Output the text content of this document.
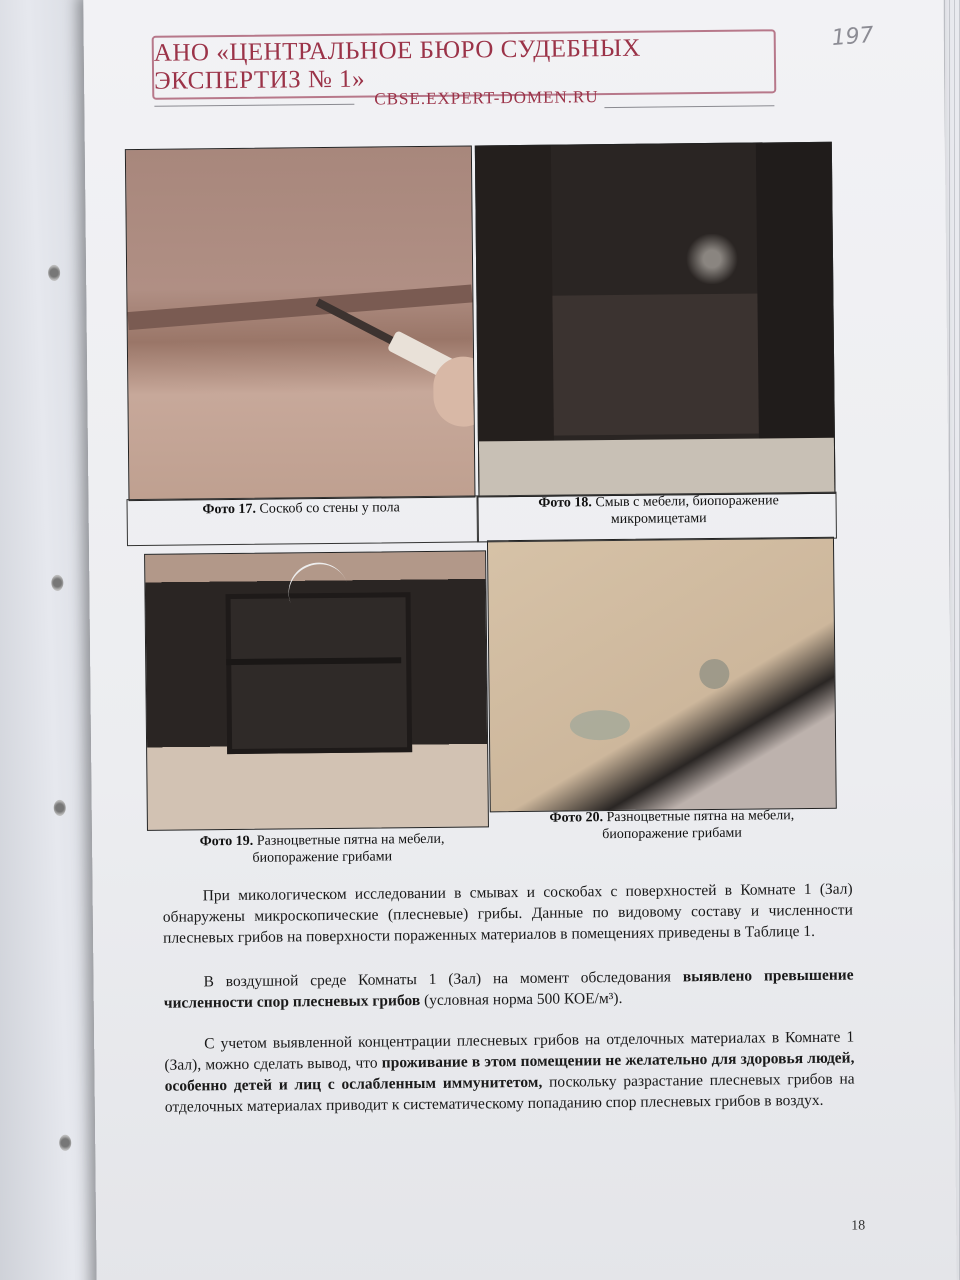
197
АНО «ЦЕНТРАЛЬНОЕ БЮРО СУДЕБНЫХ ЭКСПЕРТИЗ № 1»
CBSE.EXPERT-DOMEN.RU
Фото 17. Соскоб со стены у пола	Фото 18. Смыв с мебели, биопоражение микромицетами
Фото 19. Разноцветные пятна на мебели, биопоражение грибами
Фото 20. Разноцветные пятна на мебели, биопоражение грибами
При микологическом исследовании в смывах и соскобах с поверхностей в Комнате 1 (Зал) обнаружены микроскопические (плесневые) грибы. Данные по видовому составу и численности плесневых грибов на поверхности пораженных материалов в помещениях приведены в Таблице 1.
В воздушной среде Комнаты 1 (Зал) на момент обследования выявлено превышение численности спор плесневых грибов (условная норма 500 КОЕ/м³).
С учетом выявленной концентрации плесневых грибов на отделочных материалах в Комнате 1 (Зал), можно сделать вывод, что проживание в этом помещении не желательно для здоровья людей, особенно детей и лиц с ослабленным иммунитетом, поскольку разрастание плесневых грибов на отделочных материалах приводит к систематическому попаданию спор плесневых грибов в воздух.
18
